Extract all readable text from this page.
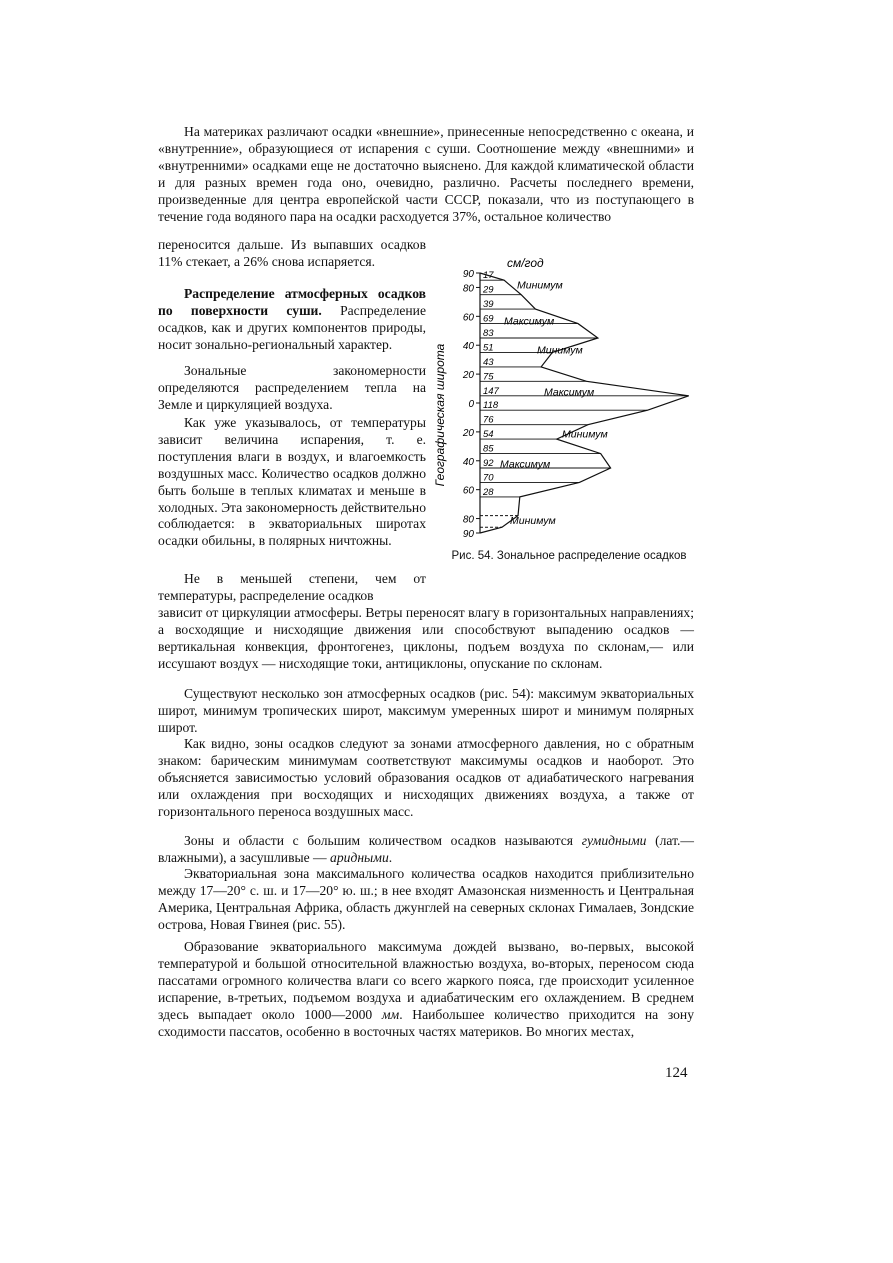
На материках различают осадки «внешние», принесенные непосредственно с океана, и «внутренние», образующиеся от испарения с суши. Соотношение между «внешними» и «внутренними» осадками еще не достаточно выяснено. Для каждой климатической области и для разных времен года оно, очевидно, различно. Расчеты последнего времени, произведенные для центра европейской части СССР, показали, что из поступающего в течение года водяного пара на осадки расходуется 37%, остальное количество
переносится дальше. Из выпавших осадков 11% стекает, а 26% снова испаряется.
Распределение атмосферных осадков по поверхности суши. Распределение осадков, как и других компонентов природы, носит зонально-региональный характер.
Зональные закономерности определяются распределением тепла на Земле и циркуляцией воздуха.
Как уже указывалось, от температуры зависит величина испарения, т. е. поступления влаги в воздух, и влагоемкость воздушных масс. Количество осадков должно быть больше в теплых климатах и меньше в холодных. Эта закономерность действительно соблюдается: в экваториальных широтах осадки обильны, в полярных ничтожны.
Не в меньшей степени, чем от температуры, распределение осадков
зависит от циркуляции атмосферы. Ветры переносят влагу в горизонтальных направлениях; а восходящие и нисходящие движения или способствуют выпадению осадков — вертикальная конвекция, фронтогенез, циклоны, подъем воздуха по склонам,— или иссушают воздух — нисходящие токи, антициклоны, опускание по склонам.
Существуют несколько зон атмосферных осадков (рис. 54): максимум экваториальных широт, минимум тропических широт, максимум умеренных широт и минимум полярных широт.
Как видно, зоны осадков следуют за зонами атмосферного давления, но с обратным знаком: барическим минимумам соответствуют максимумы осадков и наоборот. Это объясняется зависимостью условий образования осадков от адиабатического нагревания или охлаждения при восходящих и нисходящих движениях воздуха, а также от горизонтального переноса воздушных масс.
Зоны и области с большим количеством осадков называются гумидными (лат.— влажными), а засушливые — аридными.
Экваториальная зона максимального количества осадков находится приблизительно между 17—20° с. ш. и 17—20° ю. ш.; в нее входят Амазонская низменность и Центральная Америка, Центральная Африка, область джунглей на северных склонах Гималаев, Зондские острова, Новая Гвинея (рис. 55).
Образование экваториального максимума дождей вызвано, во-первых, высокой температурой и большой относительной влажностью воздуха, во-вторых, переносом сюда пассатами огромного количества влаги со всего жаркого пояса, где происходит усиленное испарение, в-третьих, подъемом воздуха и адиабатическим его охлаждением. В среднем здесь выпадает около 1000—2000 мм. Наибольшее количество приходится на зону сходимости пассатов, особенно в восточных частях материков. Во многих местах,
см/год
Географическая широта
90
80
60
40
20
0
20
40
60
80
90
17
29
39
69
83
51
43
75
147
118
76
54
85
92
70
28
Минимум
Максимум
Минимум
Максимум
Минимум
Максимум
Минимум
Рис. 54. Зональное распределение осадков
124
